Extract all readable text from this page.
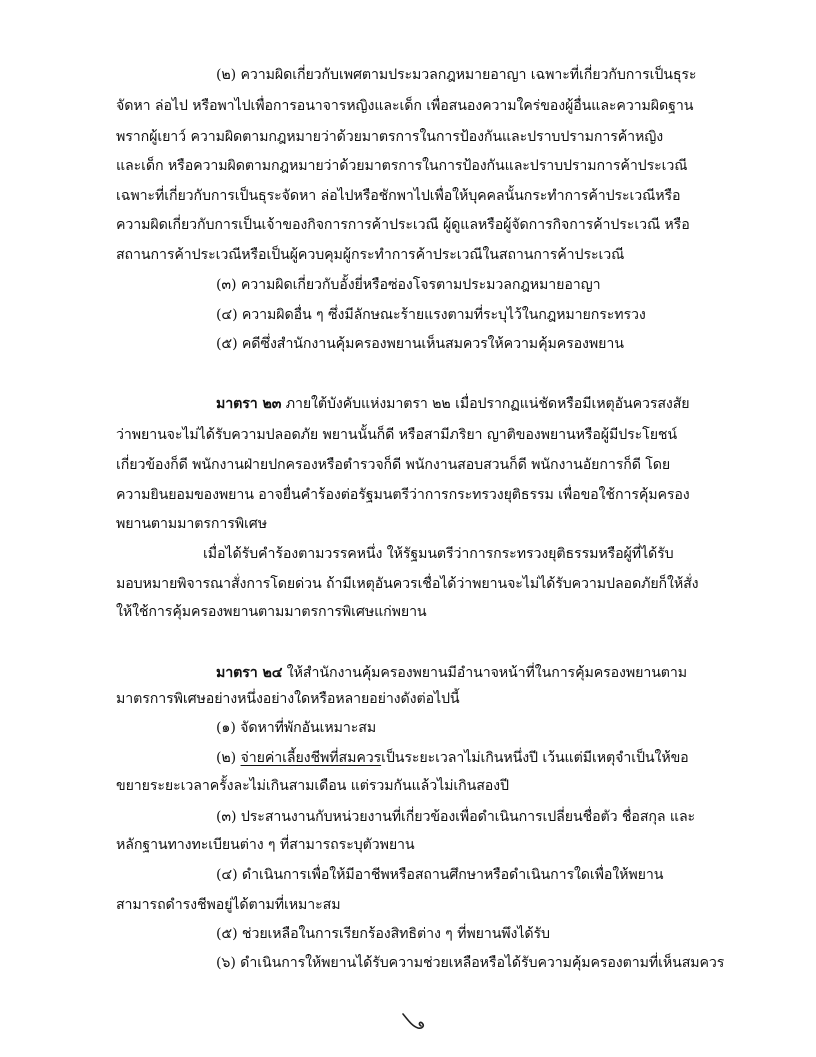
(๒) ความผิดเกี่ยวกับเพศตามประมวลกฎหมายอาญา เฉพาะที่เกี่ยวกับการเป็นธุระ
จัดหา ล่อไป หรือพาไปเพื่อการอนาจารหญิงและเด็ก เพื่อสนองความใคร่ของผู้อื่นและความผิดฐาน
พรากผู้เยาว์ ความผิดตามกฎหมายว่าด้วยมาตรการในการป้องกันและปราบปรามการค้าหญิง
และเด็ก หรือความผิดตามกฎหมายว่าด้วยมาตรการในการป้องกันและปราบปรามการค้าประเวณี
เฉพาะที่เกี่ยวกับการเป็นธุระจัดหา ล่อไปหรือชักพาไปเพื่อให้บุคคลนั้นกระทำการค้าประเวณีหรือ
ความผิดเกี่ยวกับการเป็นเจ้าของกิจการการค้าประเวณี ผู้ดูแลหรือผู้จัดการกิจการค้าประเวณี หรือ
สถานการค้าประเวณีหรือเป็นผู้ควบคุมผู้กระทำการค้าประเวณีในสถานการค้าประเวณี
(๓) ความผิดเกี่ยวกับอั้งยี่หรือซ่องโจรตามประมวลกฎหมายอาญา
(๔) ความผิดอื่น ๆ ซึ่งมีลักษณะร้ายแรงตามที่ระบุไว้ในกฎหมายกระทรวง
(๕) คดีซึ่งสำนักงานคุ้มครองพยานเห็นสมควรให้ความคุ้มครองพยาน
มาตรา ๒๓ ภายใต้บังคับแห่งมาตรา ๒๒ เมื่อปรากฏแน่ชัดหรือมีเหตุอันควรสงสัย
ว่าพยานจะไม่ได้รับความปลอดภัย พยานนั้นก็ดี หรือสามีภริยา ญาติของพยานหรือผู้มีประโยชน์
เกี่ยวข้องก็ดี พนักงานฝ่ายปกครองหรือตำรวจก็ดี พนักงานสอบสวนก็ดี พนักงานอัยการก็ดี โดย
ความยินยอมของพยาน อาจยื่นคำร้องต่อรัฐมนตรีว่าการกระทรวงยุติธรรม เพื่อขอใช้การคุ้มครอง
พยานตามมาตรการพิเศษ
เมื่อได้รับคำร้องตามวรรคหนึ่ง ให้รัฐมนตรีว่าการกระทรวงยุติธรรมหรือผู้ที่ได้รับ
มอบหมายพิจารณาสั่งการโดยด่วน ถ้ามีเหตุอันควรเชื่อได้ว่าพยานจะไม่ได้รับความปลอดภัยก็ให้สั่ง
ให้ใช้การคุ้มครองพยานตามมาตรการพิเศษแก่พยาน
มาตรา ๒๔ ให้สำนักงานคุ้มครองพยานมีอำนาจหน้าที่ในการคุ้มครองพยานตาม
มาตรการพิเศษอย่างหนึ่งอย่างใดหรือหลายอย่างดังต่อไปนี้
(๑) จัดหาที่พักอันเหมาะสม
(๒) จ่ายค่าเลี้ยงชีพที่สมควรเป็นระยะเวลาไม่เกินหนึ่งปี เว้นแต่มีเหตุจำเป็นให้ขอ
ขยายระยะเวลาครั้งละไม่เกินสามเดือน แต่รวมกันแล้วไม่เกินสองปี
(๓) ประสานงานกับหน่วยงานที่เกี่ยวข้องเพื่อดำเนินการเปลี่ยนชื่อตัว ชื่อสกุล และ
หลักฐานทางทะเบียนต่าง ๆ ที่สามารถระบุตัวพยาน
(๔) ดำเนินการเพื่อให้มีอาชีพหรือสถานศึกษาหรือดำเนินการใดเพื่อให้พยาน
สามารถดำรงชีพอยู่ได้ตามที่เหมาะสม
(๕) ช่วยเหลือในการเรียกร้องสิทธิต่าง ๆ ที่พยานพึงได้รับ
(๖) ดำเนินการให้พยานได้รับความช่วยเหลือหรือได้รับความคุ้มครองตามที่เห็นสมควร
